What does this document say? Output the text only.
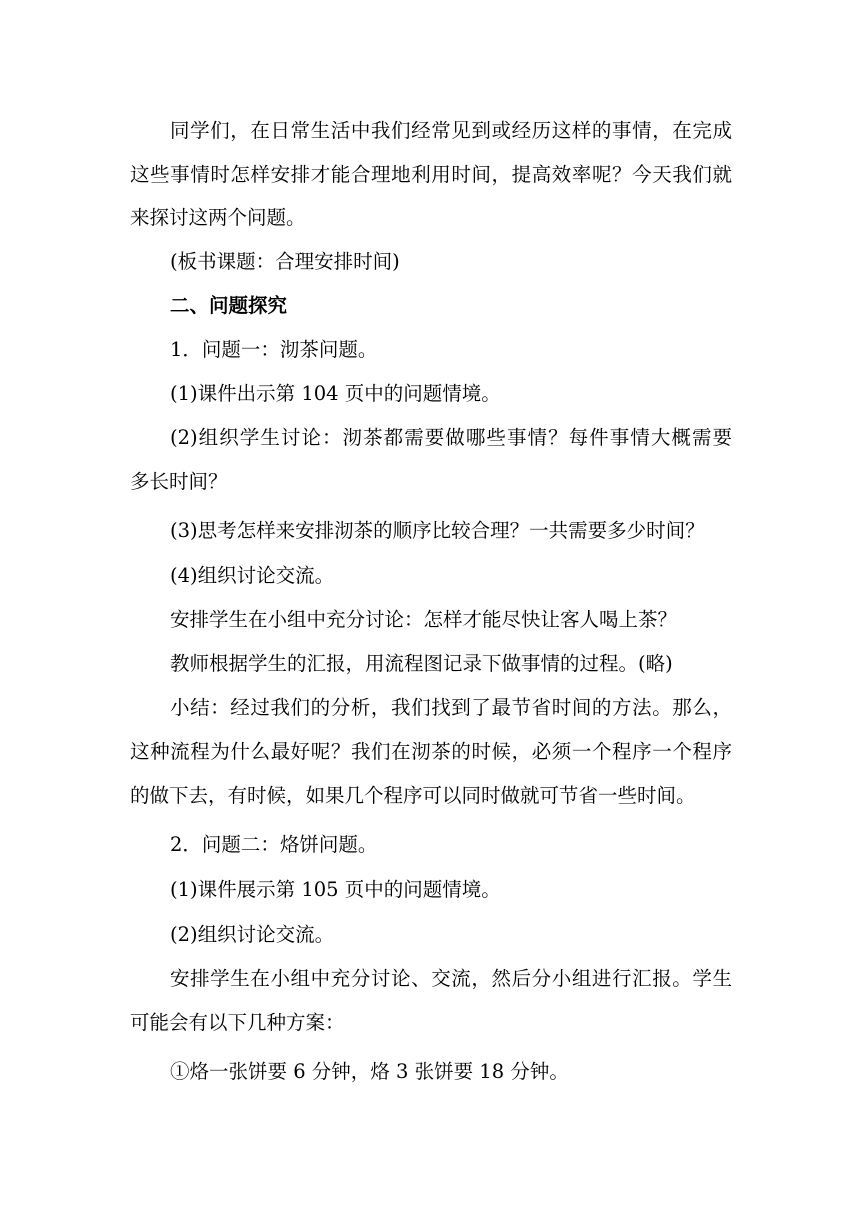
同学们，在日常生活中我们经常见到或经历这样的事情，在完成
这些事情时怎样安排才能合理地利用时间，提高效率呢？今天我们就
来探讨这两个问题。
(板书课题：合理安排时间)
二、问题探究
1．问题一：沏茶问题。
(1)课件出示第 104 页中的问题情境。
(2)组织学生讨论：沏茶都需要做哪些事情？每件事情大概需要
多长时间？
(3)思考怎样来安排沏茶的顺序比较合理？一共需要多少时间？
(4)组织讨论交流。
安排学生在小组中充分讨论：怎样才能尽快让客人喝上茶？
教师根据学生的汇报，用流程图记录下做事情的过程。(略)
小结：经过我们的分析，我们找到了最节省时间的方法。那么，
这种流程为什么最好呢？我们在沏茶的时候，必须一个程序一个程序
的做下去，有时候，如果几个程序可以同时做就可节省一些时间。
2．问题二：烙饼问题。
(1)课件展示第 105 页中的问题情境。
(2)组织讨论交流。
安排学生在小组中充分讨论、交流，然后分小组进行汇报。学生
可能会有以下几种方案：
①烙一张饼要 6 分钟，烙 3 张饼要 18 分钟。
